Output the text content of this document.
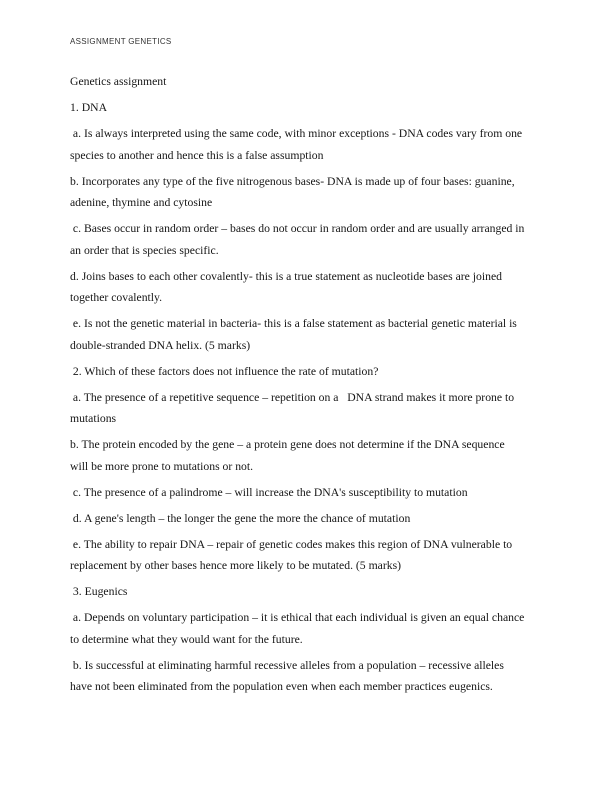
ASSIGNMENT GENETICS

Genetics assignment

1. DNA

a. Is always interpreted using the same code, with minor exceptions - DNA codes vary from one
species to another and hence this is a false assumption

b. Incorporates any type of the five nitrogenous bases- DNA is made up of four bases: guanine,
adenine, thymine and cytosine

c. Bases occur in random order – bases do not occur in random order and are usually arranged in
an order that is species specific.

d. Joins bases to each other covalently- this is a true statement as nucleotide bases are joined
together covalently.

e. Is not the genetic material in bacteria- this is a false statement as bacterial genetic material is
double-stranded DNA helix. (5 marks)

2. Which of these factors does not influence the rate of mutation?

a. The presence of a repetitive sequence – repetition on a   DNA strand makes it more prone to
mutations

b. The protein encoded by the gene – a protein gene does not determine if the DNA sequence
will be more prone to mutations or not.

c. The presence of a palindrome – will increase the DNA's susceptibility to mutation

d. A gene's length – the longer the gene the more the chance of mutation

e. The ability to repair DNA – repair of genetic codes makes this region of DNA vulnerable to
replacement by other bases hence more likely to be mutated. (5 marks)

3. Eugenics

a. Depends on voluntary participation – it is ethical that each individual is given an equal chance
to determine what they would want for the future.

b. Is successful at eliminating harmful recessive alleles from a population – recessive alleles
have not been eliminated from the population even when each member practices eugenics.
